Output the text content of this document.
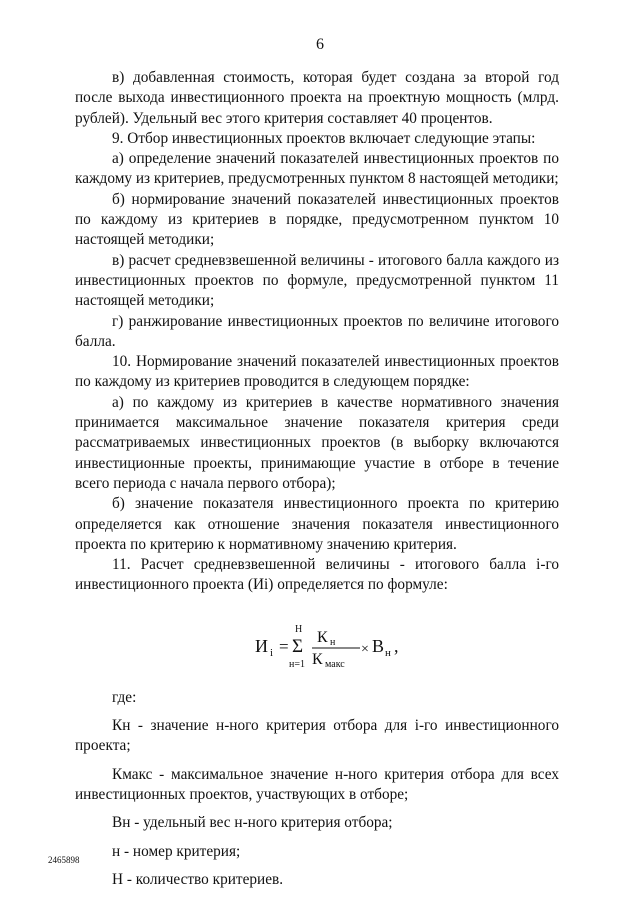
6

в) добавленная стоимость, которая будет создана за второй год после выхода инвестиционного проекта на проектную мощность (млрд. рублей). Удельный вес этого критерия составляет 40 процентов.

9. Отбор инвестиционных проектов включает следующие этапы:

а) определение значений показателей инвестиционных проектов по каждому из критериев, предусмотренных пунктом 8 настоящей методики;

б) нормирование значений показателей инвестиционных проектов по каждому из критериев в порядке, предусмотренном пунктом 10 настоящей методики;

в) расчет средневзвешенной величины - итогового балла каждого из инвестиционных проектов по формуле, предусмотренной пунктом 11 настоящей методики;

г) ранжирование инвестиционных проектов по величине итогового балла.

10. Нормирование значений показателей инвестиционных проектов по каждому из критериев проводится в следующем порядке:

а) по каждому из критериев в качестве нормативного значения принимается максимальное значение показателя критерия среди рассматриваемых инвестиционных проектов (в выборку включаются инвестиционные проекты, принимающие участие в отборе в течение всего периода с начала первого отбора);

б) значение показателя инвестиционного проекта по критерию определяется как отношение значения показателя инвестиционного проекта по критерию к нормативному значению критерия.

11. Расчет средневзвешенной величины - итогового балла i-го инвестиционного проекта (Иi) определяется по формуле:

И i =
Н
Σ
н=1
К н
К макс
× В н ,

где:

Кн - значение н-ного критерия отбора для i-го инвестиционного проекта;

Кмакс - максимальное значение н-ного критерия отбора для всех инвестиционных проектов, участвующих в отборе;

Вн - удельный вес н-ного критерия отбора;

н - номер критерия;

Н - количество критериев.

2465898
